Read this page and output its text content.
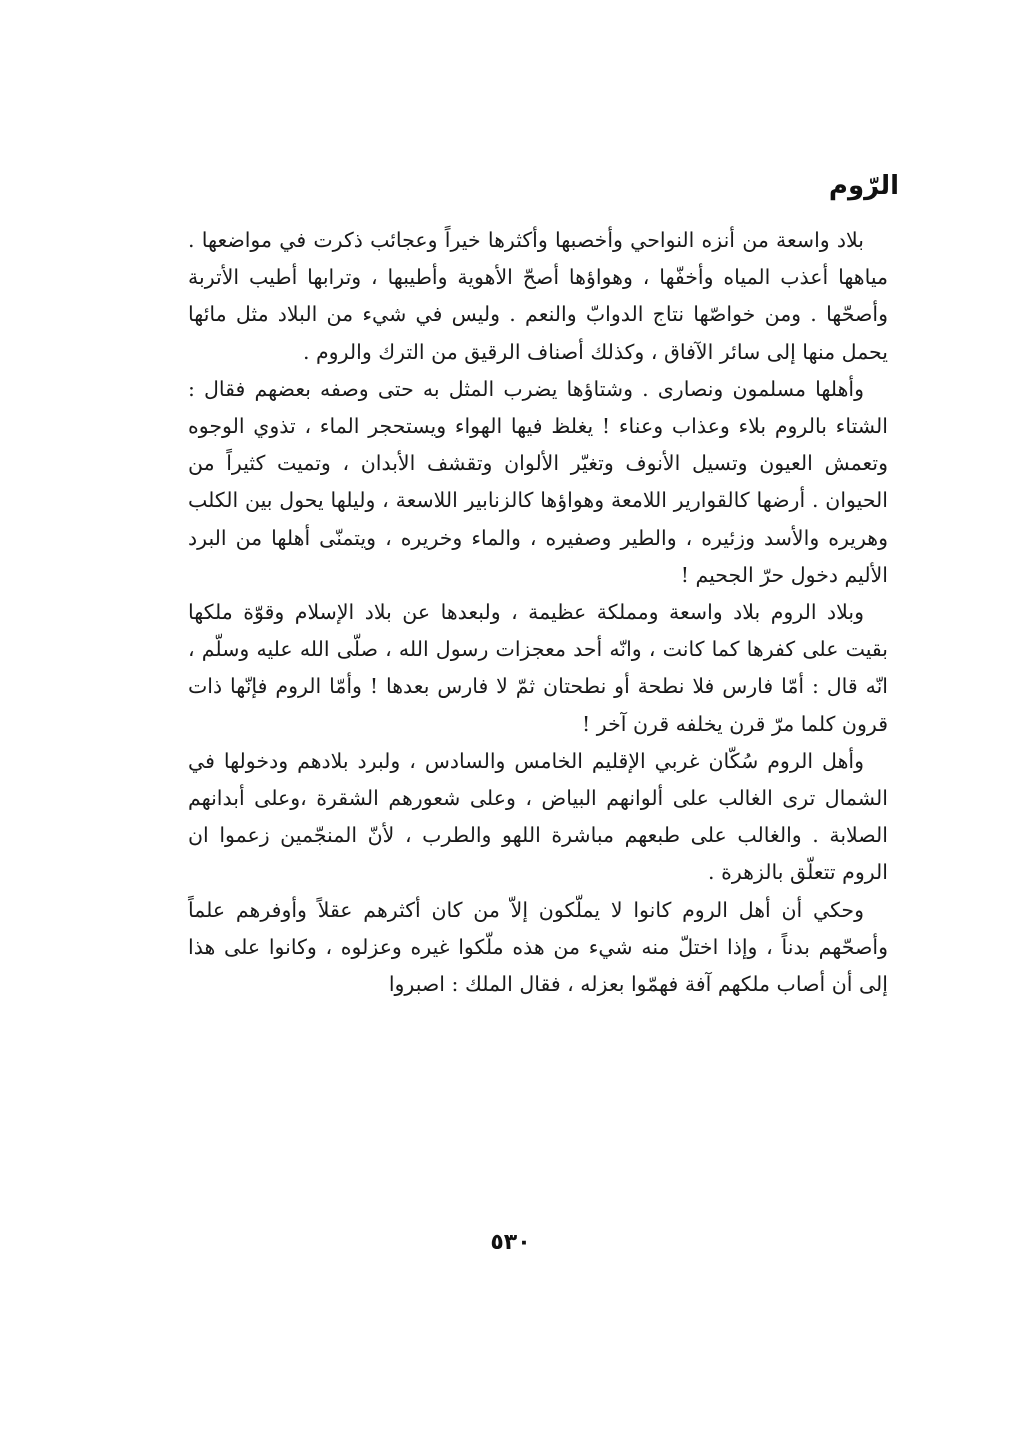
الرّوم

بلاد واسعة من أنزه النواحي وأخصبها وأكثرها خيراً وعجائب ذكرت في مواضعها . مياهها أعذب المياه وأخفّها ، وهواؤها أصحّ الأهوية وأطيبها ، وترابها أطيب الأتربة وأصحّها . ومن خواصّها نتاج الدوابّ والنعم . وليس في شيء من البلاد مثل مائها يحمل منها إلى سائر الآفاق ، وكذلك أصناف الرقيق من الترك والروم .

وأهلها مسلمون ونصارى . وشتاؤها يضرب المثل به حتى وصفه بعضهم فقال : الشتاء بالروم بلاء وعذاب وعناء ! يغلظ فيها الهواء ويستحجر الماء ، تذوي الوجوه وتعمش العيون وتسيل الأنوف وتغيّر الألوان وتقشف الأبدان ، وتميت كثيراً من الحيوان . أرضها كالقوارير اللامعة وهواؤها كالزنابير اللاسعة ، وليلها يحول بين الكلب وهريره والأسد وزئيره ، والطير وصفيره ، والماء وخريره ، ويتمنّى أهلها من البرد الأليم دخول حرّ الجحيم !

وبلاد الروم بلاد واسعة ومملكة عظيمة ، ولبعدها عن بلاد الإسلام وقوّة ملكها بقيت على كفرها كما كانت ، وانّه أحد معجزات رسول الله ، صلّى الله عليه وسلّم ، انّه قال : أمّا فارس فلا نطحة أو نطحتان ثمّ لا فارس بعدها ! وأمّا الروم فإنّها ذات قرون كلما مرّ قرن يخلفه قرن آخر !

وأهل الروم سُكّان غربي الإقليم الخامس والسادس ، ولبرد بلادهم ودخولها في الشمال ترى الغالب على ألوانهم البياض ، وعلى شعورهم الشقرة ،وعلى أبدانهم الصلابة . والغالب على طبعهم مباشرة اللهو والطرب ، لأنّ المنجّمين زعموا ان الروم تتعلّق بالزهرة .

وحكي أن أهل الروم كانوا لا يملّكون إلاّ من كان أكثرهم عقلاً وأوفرهم علماً وأصحّهم بدناً ، وإذا اختلّ منه شيء من هذه ملّكوا غيره وعزلوه ، وكانوا على هذا إلى أن أصاب ملكهم آفة فهمّوا بعزله ، فقال الملك : اصبروا

٥٣٠
